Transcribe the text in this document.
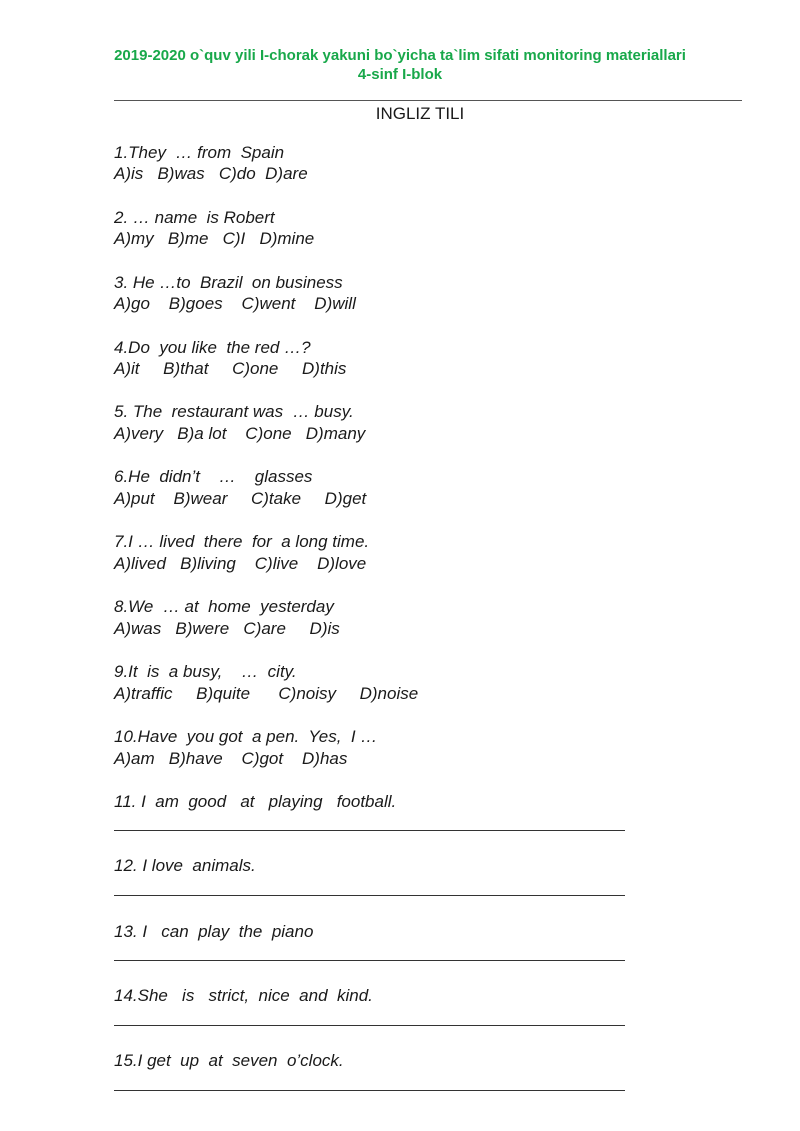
2019-2020 o`quv yili I-chorak yakuni bo`yicha ta`lim sifati monitoring materiallari
4-sinf I-blok
INGLIZ TILI
1.They  … from  Spain
A)is   B)was   C)do  D)are
2. … name  is Robert
A)my   B)me   C)I   D)mine
3. He …to  Brazil  on business
A)go    B)goes    C)went    D)will
4.Do  you like  the red …?
A)it     B)that     C)one     D)this
5. The  restaurant was  … busy.
A)very   B)a lot    C)one   D)many
6.He  didn’t    …    glasses
A)put    B)wear     C)take     D)get
7.I … lived  there  for  a long time.
A)lived   B)living    C)live    D)love
8.We  … at  home  yesterday
A)was   B)were   C)are     D)is
9.It  is  a busy,    …  city.
A)traffic     B)quite      C)noisy     D)noise
10.Have  you got  a pen.  Yes,  I …
A)am   B)have    C)got    D)has
11. I  am  good   at   playing   football.
12. I love  animals.
13. I   can  play  the  piano
14.She   is   strict,  nice  and  kind.
15.I get  up  at  seven  o’clock.
